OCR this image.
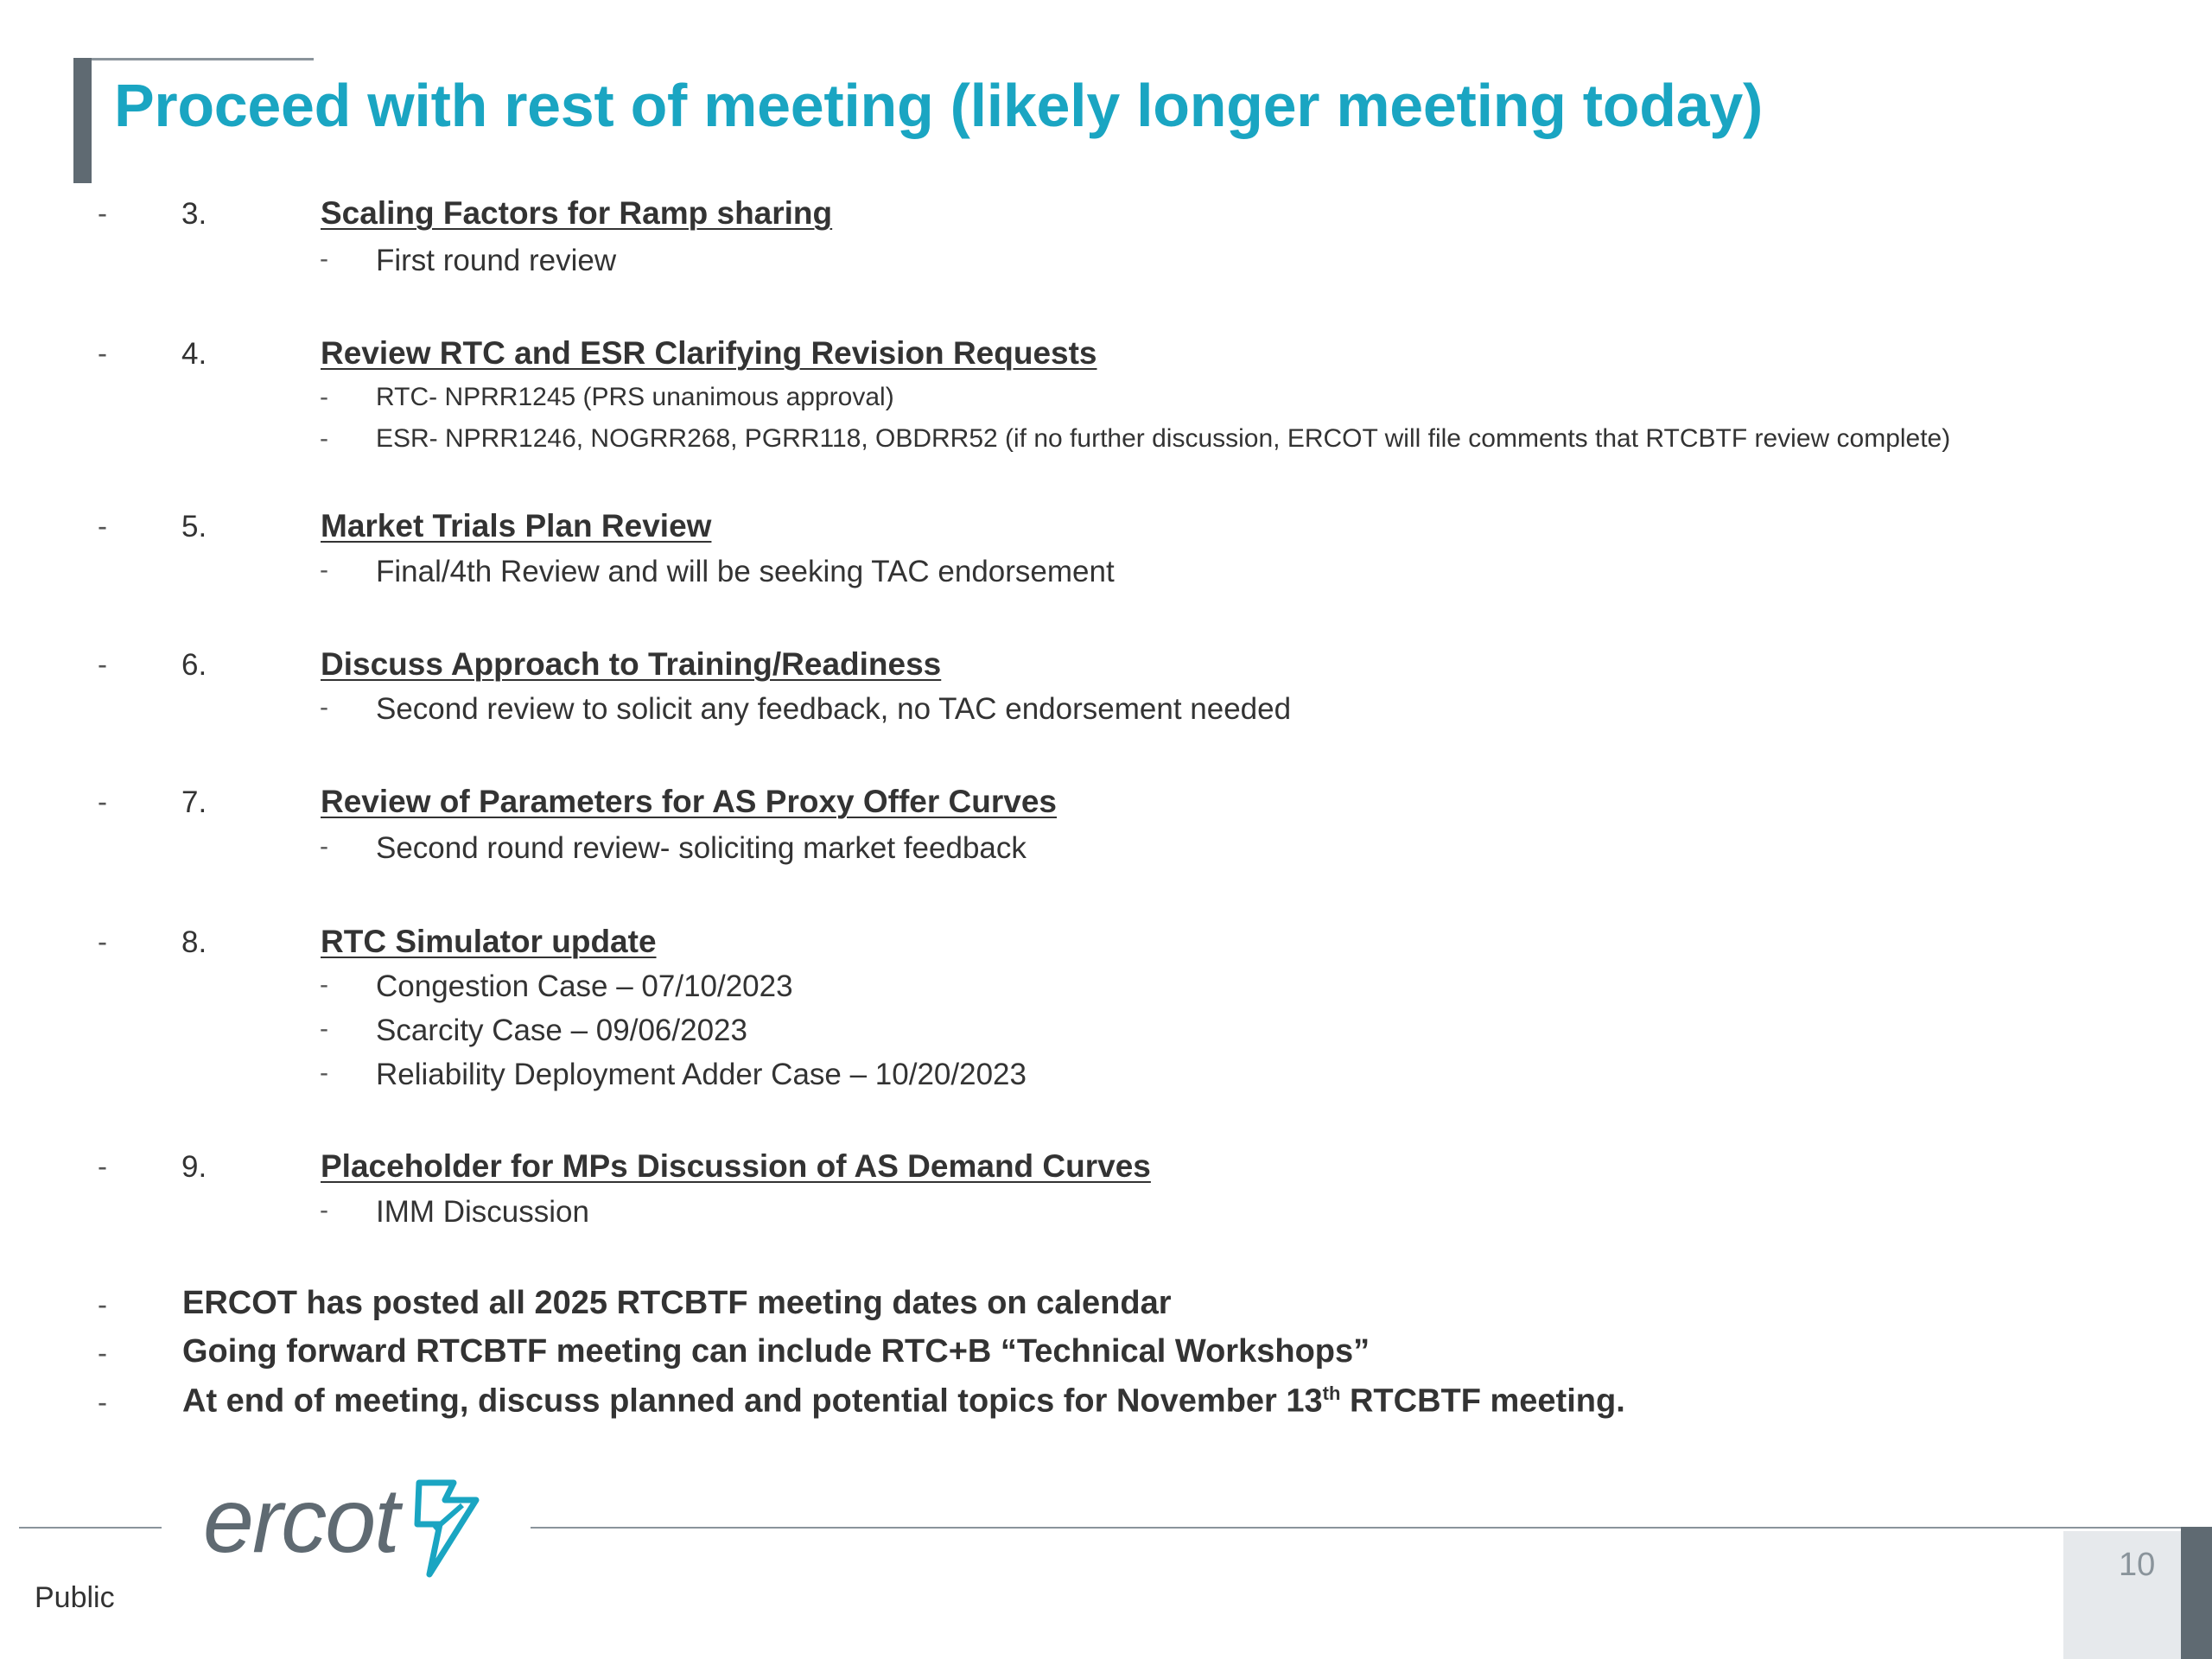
Proceed with rest of meeting (likely longer meeting today)
- 3.	Scaling Factors for Ramp sharing
- First round review
- 4.	Review RTC and ESR Clarifying Revision Requests
- RTC- NPRR1245 (PRS unanimous approval)
- ESR- NPRR1246, NOGRR268, PGRR118, OBDRR52 (if no further discussion, ERCOT will file comments that RTCBTF review complete)
- 5.	Market Trials Plan Review
- Final/4th Review and will be seeking TAC endorsement
- 6.	Discuss Approach to Training/Readiness
- Second review to solicit any feedback, no TAC endorsement needed
- 7.	Review of Parameters for AS Proxy Offer Curves
- Second round review- soliciting market feedback
- 8.	RTC Simulator update
- Congestion Case – 07/10/2023
- Scarcity Case – 09/06/2023
- Reliability Deployment Adder Case – 10/20/2023
- 9.	Placeholder for MPs Discussion of AS Demand Curves
- IMM Discussion
- ERCOT has posted all 2025 RTCBTF meeting dates on calendar
- Going forward RTCBTF meeting can include RTC+B “Technical Workshops”
- At end of meeting, discuss planned and potential topics for November 13th RTCBTF meeting.
ercot
Public
10
